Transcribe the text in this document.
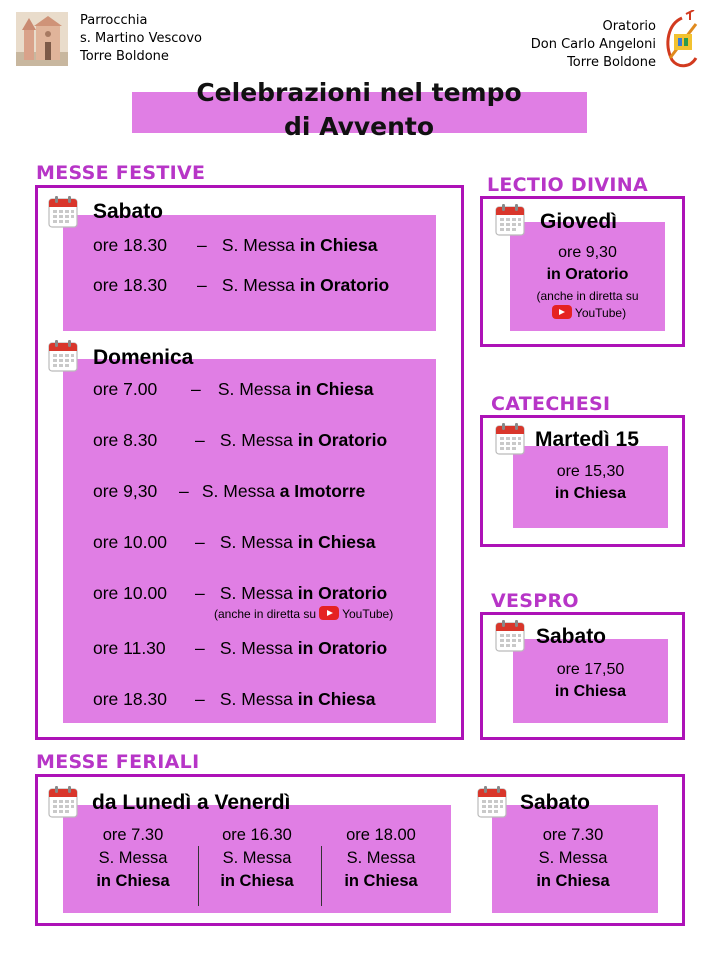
Parrocchia
s. Martino Vescovo
Torre Boldone
Oratorio
Don Carlo Angeloni
Torre Boldone
Celebrazioni nel tempo
di Avvento
MESSE FESTIVE
Sabato
ore 18.30 – S. Messa in Chiesa
ore 18.30 – S. Messa in Oratorio
Domenica
ore 7.00 – S. Messa in Chiesa
ore 8.30 – S. Messa in Oratorio
ore 9,30 – S. Messa a Imotorre
ore 10.00 – S. Messa in Chiesa
ore 10.00 – S. Messa in Oratorio
(anche in diretta su YouTube)
ore 11.30 – S. Messa in Oratorio
ore 18.30 – S. Messa in Chiesa
LECTIO DIVINA
Giovedì
ore 9,30
in Oratorio
(anche in diretta su
YouTube)
CATECHESI
Martedì 15
ore 15,30
in Chiesa
VESPRO
Sabato
ore 17,50
in Chiesa
MESSE FERIALI
da Lunedì a Venerdì
ore 7.30
S. Messa
in Chiesa
ore 16.30
S. Messa
in Chiesa
ore 18.00
S. Messa
in Chiesa
Sabato
ore 7.30
S. Messa
in Chiesa
